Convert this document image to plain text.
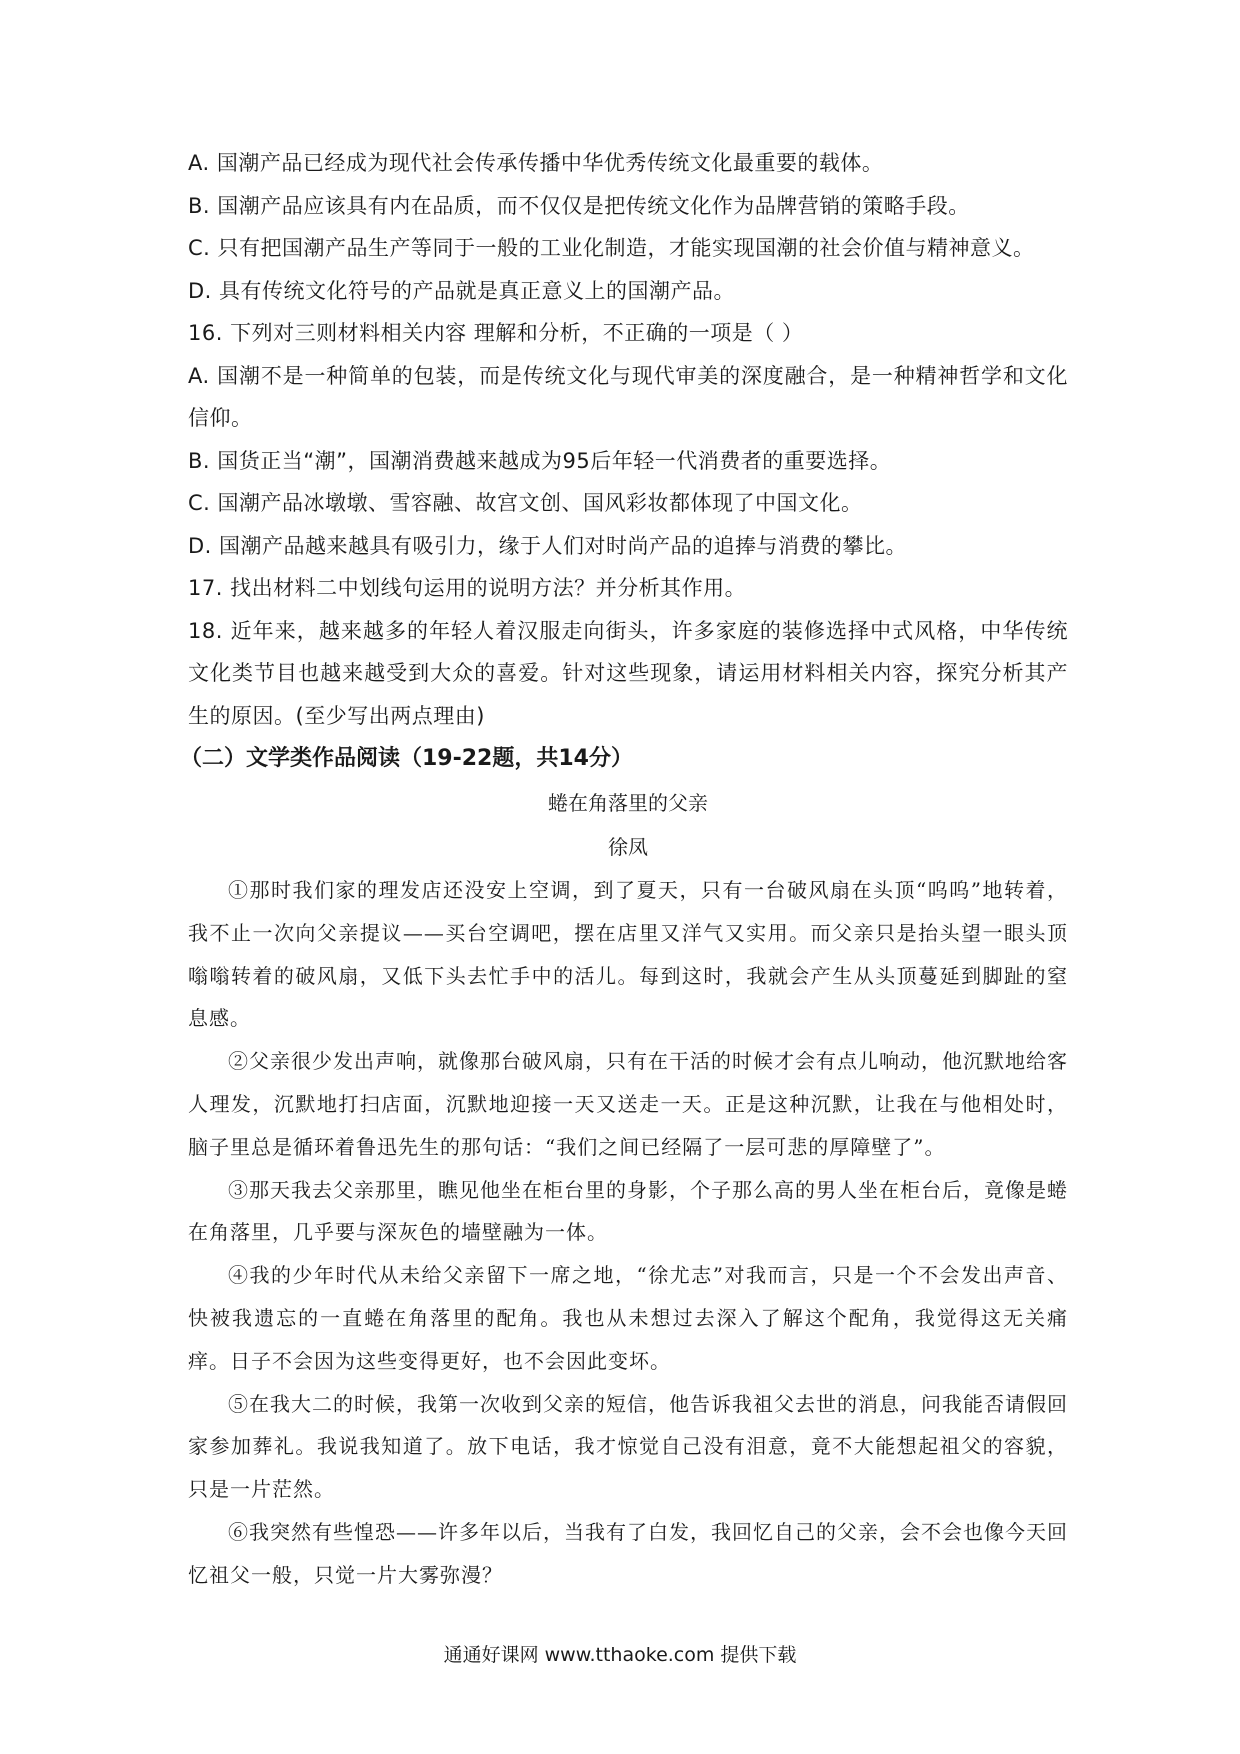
A. 国潮产品已经成为现代社会传承传播中华优秀传统文化最重要的载体。
B. 国潮产品应该具有内在品质，而不仅仅是把传统文化作为品牌营销的策略手段。
C. 只有把国潮产品生产等同于一般的工业化制造，才能实现国潮的社会价值与精神意义。
D. 具有传统文化符号的产品就是真正意义上的国潮产品。
16. 下列对三则材料相关内容 理解和分析，不正确的一项是（ ）
A. 国潮不是一种简单的包装，而是传统文化与现代审美的深度融合，是一种精神哲学和文化信仰。
B. 国货正当“潮”，国潮消费越来越成为95后年轻一代消费者的重要选择。
C. 国潮产品冰墩墩、雪容融、故宫文创、国风彩妆都体现了中国文化。
D. 国潮产品越来越具有吸引力，缘于人们对时尚产品的追捧与消费的攀比。
17. 找出材料二中划线句运用的说明方法？并分析其作用。
18. 近年来，越来越多的年轻人着汉服走向街头，许多家庭的装修选择中式风格，中华传统文化类节目也越来越受到大众的喜爱。针对这些现象，请运用材料相关内容，探究分析其产生的原因。(至少写出两点理由)
（二）文学类作品阅读（19-22题，共14分）
蜷在角落里的父亲
徐凤
①那时我们家的理发店还没安上空调，到了夏天，只有一台破风扇在头顶“呜呜”地转着，我不止一次向父亲提议——买台空调吧，摆在店里又洋气又实用。而父亲只是抬头望一眼头顶嗡嗡转着的破风扇，又低下头去忙手中的活儿。每到这时，我就会产生从头顶蔓延到脚趾的窒息感。
②父亲很少发出声响，就像那台破风扇，只有在干活的时候才会有点儿响动，他沉默地给客人理发，沉默地打扫店面，沉默地迎接一天又送走一天。正是这种沉默，让我在与他相处时，脑子里总是循环着鲁迅先生的那句话：“我们之间已经隔了一层可悲的厚障壁了”。
③那天我去父亲那里，瞧见他坐在柜台里的身影，个子那么高的男人坐在柜台后，竟像是蜷在角落里，几乎要与深灰色的墙壁融为一体。
④我的少年时代从未给父亲留下一席之地，“徐尤志”对我而言，只是一个不会发出声音、快被我遗忘的一直蜷在角落里的配角。我也从未想过去深入了解这个配角，我觉得这无关痛痒。日子不会因为这些变得更好，也不会因此变坏。
⑤在我大二的时候，我第一次收到父亲的短信，他告诉我祖父去世的消息，问我能否请假回家参加葬礼。我说我知道了。放下电话，我才惊觉自己没有泪意，竟不大能想起祖父的容貌，只是一片茫然。
⑥我突然有些惶恐——许多年以后，当我有了白发，我回忆自己的父亲，会不会也像今天回忆祖父一般，只觉一片大雾弥漫？
通通好课网 www.tthaoke.com 提供下载
